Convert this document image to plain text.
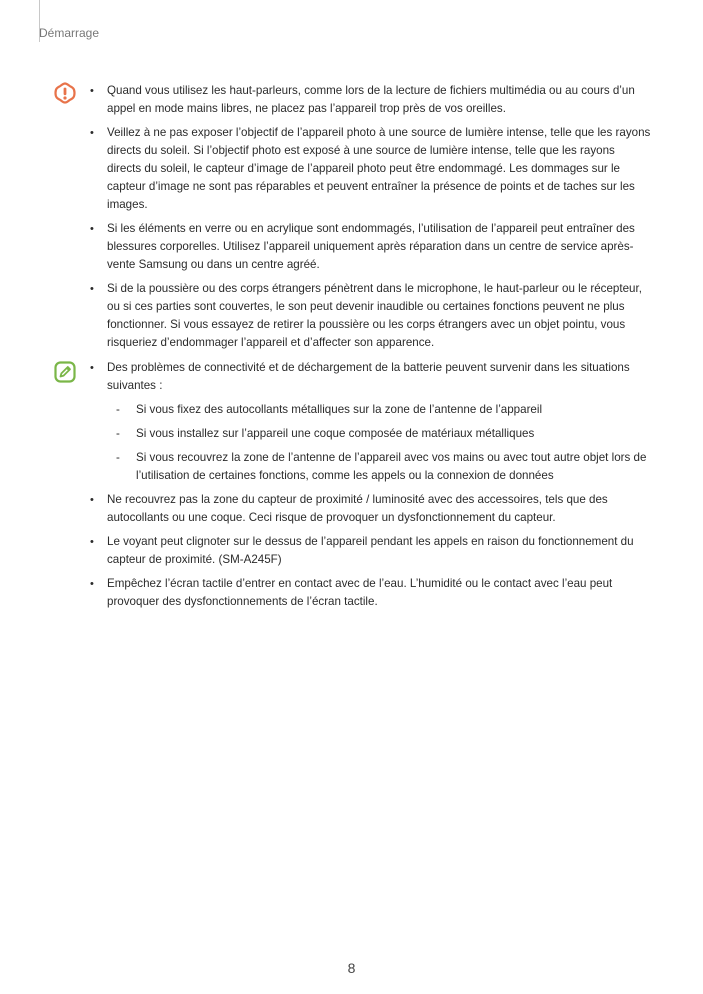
Démarrage
• Quand vous utilisez les haut-parleurs, comme lors de la lecture de fichiers multimédia ou au cours d’un appel en mode mains libres, ne placez pas l’appareil trop près de vos oreilles.
• Veillez à ne pas exposer l’objectif de l’appareil photo à une source de lumière intense, telle que les rayons directs du soleil. Si l’objectif photo est exposé à une source de lumière intense, telle que les rayons directs du soleil, le capteur d’image de l’appareil photo peut être endommagé. Les dommages sur le capteur d’image ne sont pas réparables et peuvent entraîner la présence de points et de taches sur les images.
• Si les éléments en verre ou en acrylique sont endommagés, l’utilisation de l’appareil peut entraîner des blessures corporelles. Utilisez l’appareil uniquement après réparation dans un centre de service après-vente Samsung ou dans un centre agréé.
• Si de la poussière ou des corps étrangers pénètrent dans le microphone, le haut-parleur ou le récepteur, ou si ces parties sont couvertes, le son peut devenir inaudible ou certaines fonctions peuvent ne plus fonctionner. Si vous essayez de retirer la poussière ou les corps étrangers avec un objet pointu, vous risqueriez d’endommager l’appareil et d’affecter son apparence.
• Des problèmes de connectivité et de déchargement de la batterie peuvent survenir dans les situations suivantes :
- Si vous fixez des autocollants métalliques sur la zone de l’antenne de l’appareil
- Si vous installez sur l’appareil une coque composée de matériaux métalliques
- Si vous recouvrez la zone de l’antenne de l’appareil avec vos mains ou avec tout autre objet lors de l’utilisation de certaines fonctions, comme les appels ou la connexion de données
• Ne recouvrez pas la zone du capteur de proximité / luminosité avec des accessoires, tels que des autocollants ou une coque. Ceci risque de provoquer un dysfonctionnement du capteur.
• Le voyant peut clignoter sur le dessus de l’appareil pendant les appels en raison du fonctionnement du capteur de proximité. (SM-A245F)
• Empêchez l’écran tactile d’entrer en contact avec de l’eau. L’humidité ou le contact avec l’eau peut provoquer des dysfonctionnements de l’écran tactile.
8
